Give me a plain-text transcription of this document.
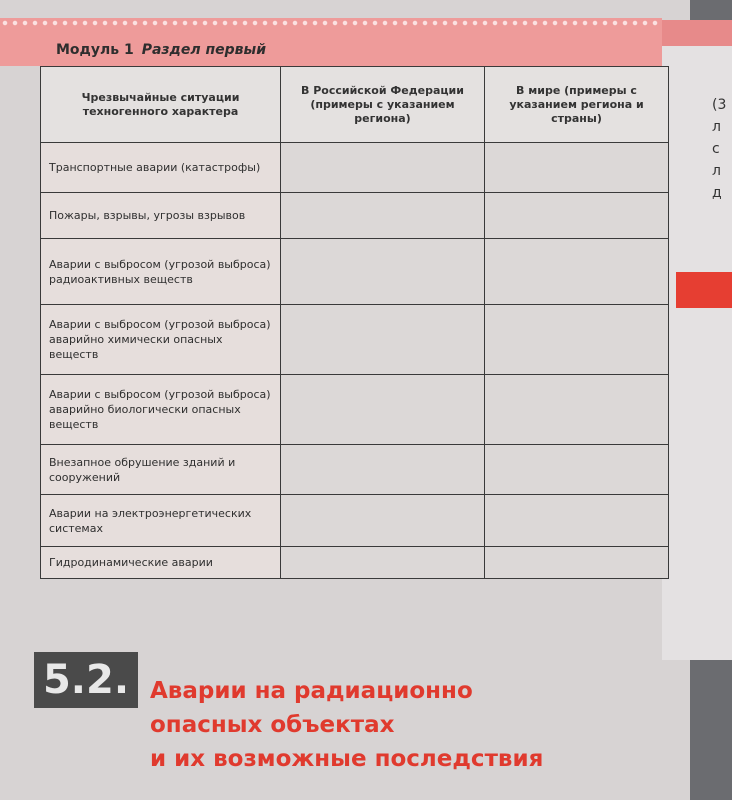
(3
л
с
л
д
Модуль 1 Раздел первый
Чрезвычайные ситуации техногенного характера	В Российской Федерации (примеры с указанием региона)	В мире (примеры с указанием региона и страны)
Транспортные аварии (катастрофы)		
Пожары, взрывы, угрозы взрывов		
Аварии с выбросом (угрозой выброса) радиоактивных веществ		
Аварии с выбросом (угрозой выброса) аварийно химически опасных веществ		
Аварии с выбросом (угрозой выброса) аварийно биологически опасных веществ		
Внезапное обрушение зданий и сооружений		
Аварии на электроэнергетических системах		
Гидродинамические аварии		
5.2. Аварии на радиационно
опасных объектах
и их возможные последствия
